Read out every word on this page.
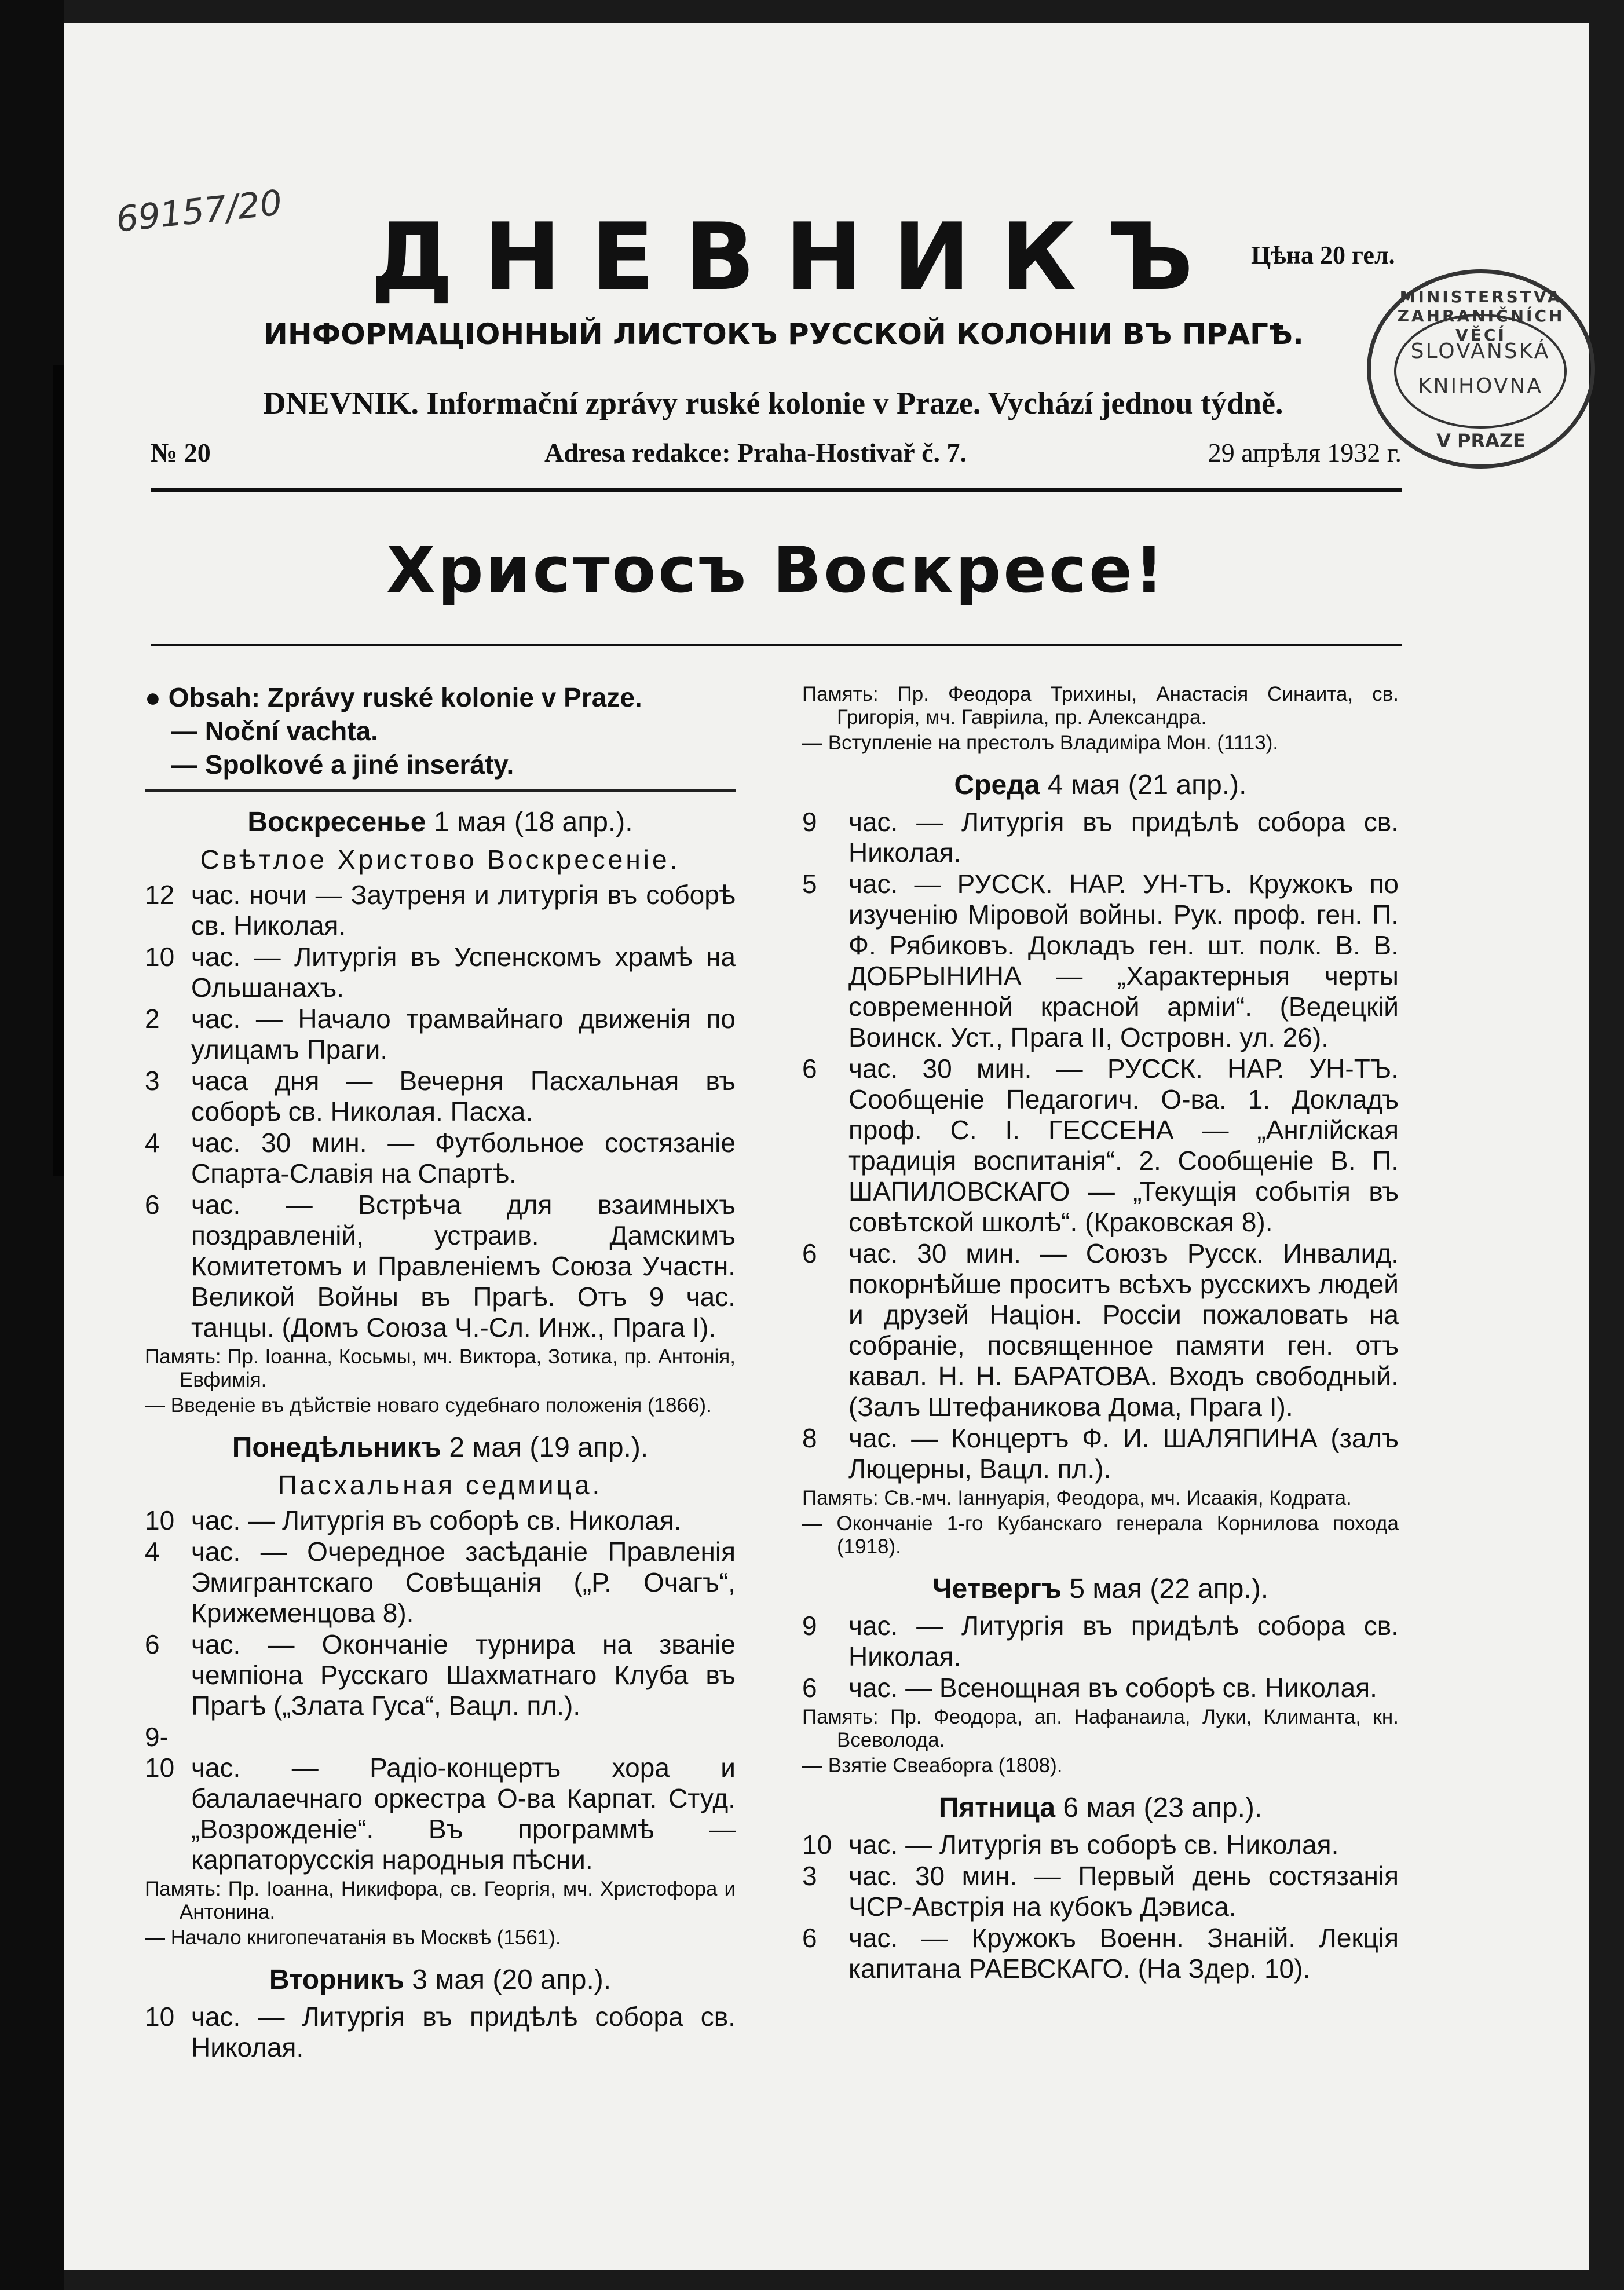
69157/20 ДНЕВНИКЪ Цѣна 20 гел.
MINISTERSTVA ZAHRANIČNÍCH VĚCÍ
SLOVANSKÁ
KNIHOVNA
V PRAZE
ИНФОРМАЦІОННЫЙ ЛИСТОКЪ РУССКОЙ КОЛОНІИ ВЪ ПРАГѢ.
DNEVNIK. Informační zprávy ruské kolonie v Praze. Vychází jednou týdně.
№ 20	Adresa redakce: Praha-Hostivař č. 7.	29 апрѣля 1932 г.
Христосъ Воскресе!
● Obsah: Zprávy ruské kolonie v Praze.
— Noční vachta.
— Spolkové a jiné inseráty.
Воскресенье 1 мая (18 апр.).
Свѣтлое Христово Воскресеніе.
12 час. ночи — Заутреня и литургія въ соборѣ св. Николая.
10 час. — Литургія въ Успенскомъ храмѣ на Ольшанахъ.
2 час. — Начало трамвайнаго движенія по улицамъ Праги.
3 часа дня — Вечерня Пасхальная въ соборѣ св. Николая. Пасха.
4 час. 30 мин. — Футбольное состязаніе Спарта-Славія на Спартѣ.
6 час. — Встрѣча для взаимныхъ поздравленій, устраив. Дамскимъ Комитетомъ и Правленіемъ Союза Участн. Великой Войны въ Прагѣ. Отъ 9 час. танцы. (Домъ Союза Ч.-Сл. Инж., Прага I).
Память: Пр. Іоанна, Косьмы, мч. Виктора, Зотика, пр. Антонія, Евфимія.
— Введеніе въ дѣйствіе новаго судебнаго положенія (1866).
Понедѣльникъ 2 мая (19 апр.).
Пасхальная седмица.
10 час. — Литургія въ соборѣ св. Николая.
4 час. — Очередное засѣданіе Правленія Эмигрантскаго Совѣщанія („Р. Очагъ“, Крижеменцова 8).
6 час. — Окончаніе турнира на званіе чемпіона Русскаго Шахматнаго Клуба въ Прагѣ („Злата Гуса“, Вацл. пл.).
9-10 час. — Радіо-концертъ хора и балалаечнаго оркестра О-ва Карпат. Студ. „Возрожденіе“. Въ программѣ — карпаторусскія народныя пѣсни.
Память: Пр. Іоанна, Никифора, св. Георгія, мч. Христофора и Антонина.
— Начало книгопечатанія въ Москвѣ (1561).
Вторникъ 3 мая (20 апр.).
10 час. — Литургія въ придѣлѣ собора св. Николая.
Память: Пр. Феодора Трихины, Анастасія Синаита, св. Григорія, мч. Гавріила, пр. Александра.
— Вступленіе на престолъ Владиміра Мон. (1113).
Среда 4 мая (21 апр.).
9 час. — Литургія въ придѣлѣ собора св. Николая.
5 час. — РУССК. НАР. УН-ТЪ. Кружокъ по изученію Міровой войны. Рук. проф. ген. П. Ф. Рябиковъ. Докладъ ген. шт. полк. В. В. ДОБРЫНИНА — „Характерныя черты современной красной арміи“. (Ведецкій Воинск. Уст., Прага II, Островн. ул. 26).
6 час. 30 мин. — РУССК. НАР. УН-ТЪ. Сообщеніе Педагогич. О-ва. 1. Докладъ проф. С. І. ГЕССЕНА — „Англійская традиція воспитанія“. 2. Сообщеніе В. П. ШАПИЛОВСКАГО — „Текущія событія въ совѣтской школѣ“. (Краковская 8).
6 час. 30 мин. — Союзъ Русск. Инвалид. покорнѣйше проситъ всѣхъ русскихъ людей и друзей Націон. Россіи пожаловать на собраніе, посвященное памяти ген. отъ кавал. Н. Н. БАРАТОВА. Входъ свободный. (Залъ Штефаникова Дома, Прага I).
8 час. — Концертъ Ф. И. ШАЛЯПИНА (залъ Люцерны, Вацл. пл.).
Память: Св.-мч. Іаннуарія, Феодора, мч. Исаакія, Кодрата.
— Окончаніе 1-го Кубанскаго генерала Корнилова похода (1918).
Четвергъ 5 мая (22 апр.).
9 час. — Литургія въ придѣлѣ собора св. Николая.
6 час. — Всенощная въ соборѣ св. Николая.
Память: Пр. Феодора, ап. Нафанаила, Луки, Климанта, кн. Всеволода.
— Взятіе Свеаборга (1808).
Пятница 6 мая (23 апр.).
10 час. — Литургія въ соборѣ св. Николая.
3 час. 30 мин. — Первый день состязанія ЧСР-Австрія на кубокъ Дэвиса.
6 час. — Кружокъ Военн. Знаній. Лекція капитана РАЕВСКАГО. (На Здер. 10).
